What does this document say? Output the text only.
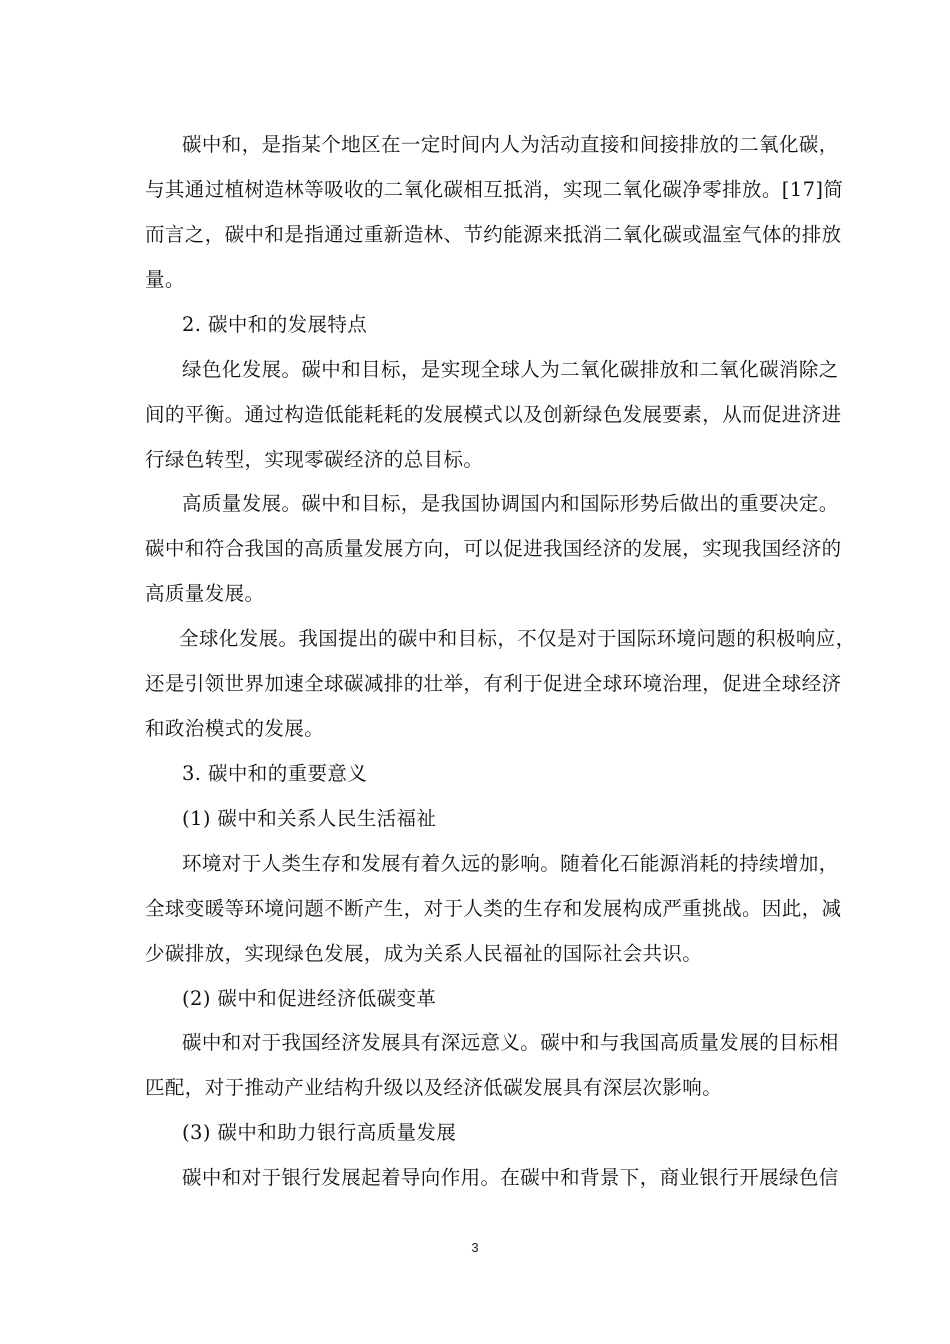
碳中和，是指某个地区在一定时间内人为活动直接和间接排放的二氧化碳，
与其通过植树造林等吸收的二氧化碳相互抵消，实现二氧化碳净零排放。[17]简
而言之，碳中和是指通过重新造林、节约能源来抵消二氧化碳或温室气体的排放
量。
2. 碳中和的发展特点
绿色化发展。碳中和目标，是实现全球人为二氧化碳排放和二氧化碳消除之
间的平衡。通过构造低能耗耗的发展模式以及创新绿色发展要素，从而促进济进
行绿色转型，实现零碳经济的总目标。
高质量发展。碳中和目标，是我国协调国内和国际形势后做出的重要决定。
碳中和符合我国的高质量发展方向，可以促进我国经济的发展，实现我国经济的
高质量发展。
全球化发展。我国提出的碳中和目标，不仅是对于国际环境问题的积极响应，
还是引领世界加速全球碳减排的壮举，有利于促进全球环境治理，促进全球经济
和政治模式的发展。
3. 碳中和的重要意义
(1) 碳中和关系人民生活福祉
环境对于人类生存和发展有着久远的影响。随着化石能源消耗的持续增加，
全球变暖等环境问题不断产生，对于人类的生存和发展构成严重挑战。因此，减
少碳排放，实现绿色发展，成为关系人民福祉的国际社会共识。
(2) 碳中和促进经济低碳变革
碳中和对于我国经济发展具有深远意义。碳中和与我国高质量发展的目标相
匹配，对于推动产业结构升级以及经济低碳发展具有深层次影响。
(3) 碳中和助力银行高质量发展
碳中和对于银行发展起着导向作用。在碳中和背景下，商业银行开展绿色信
3
